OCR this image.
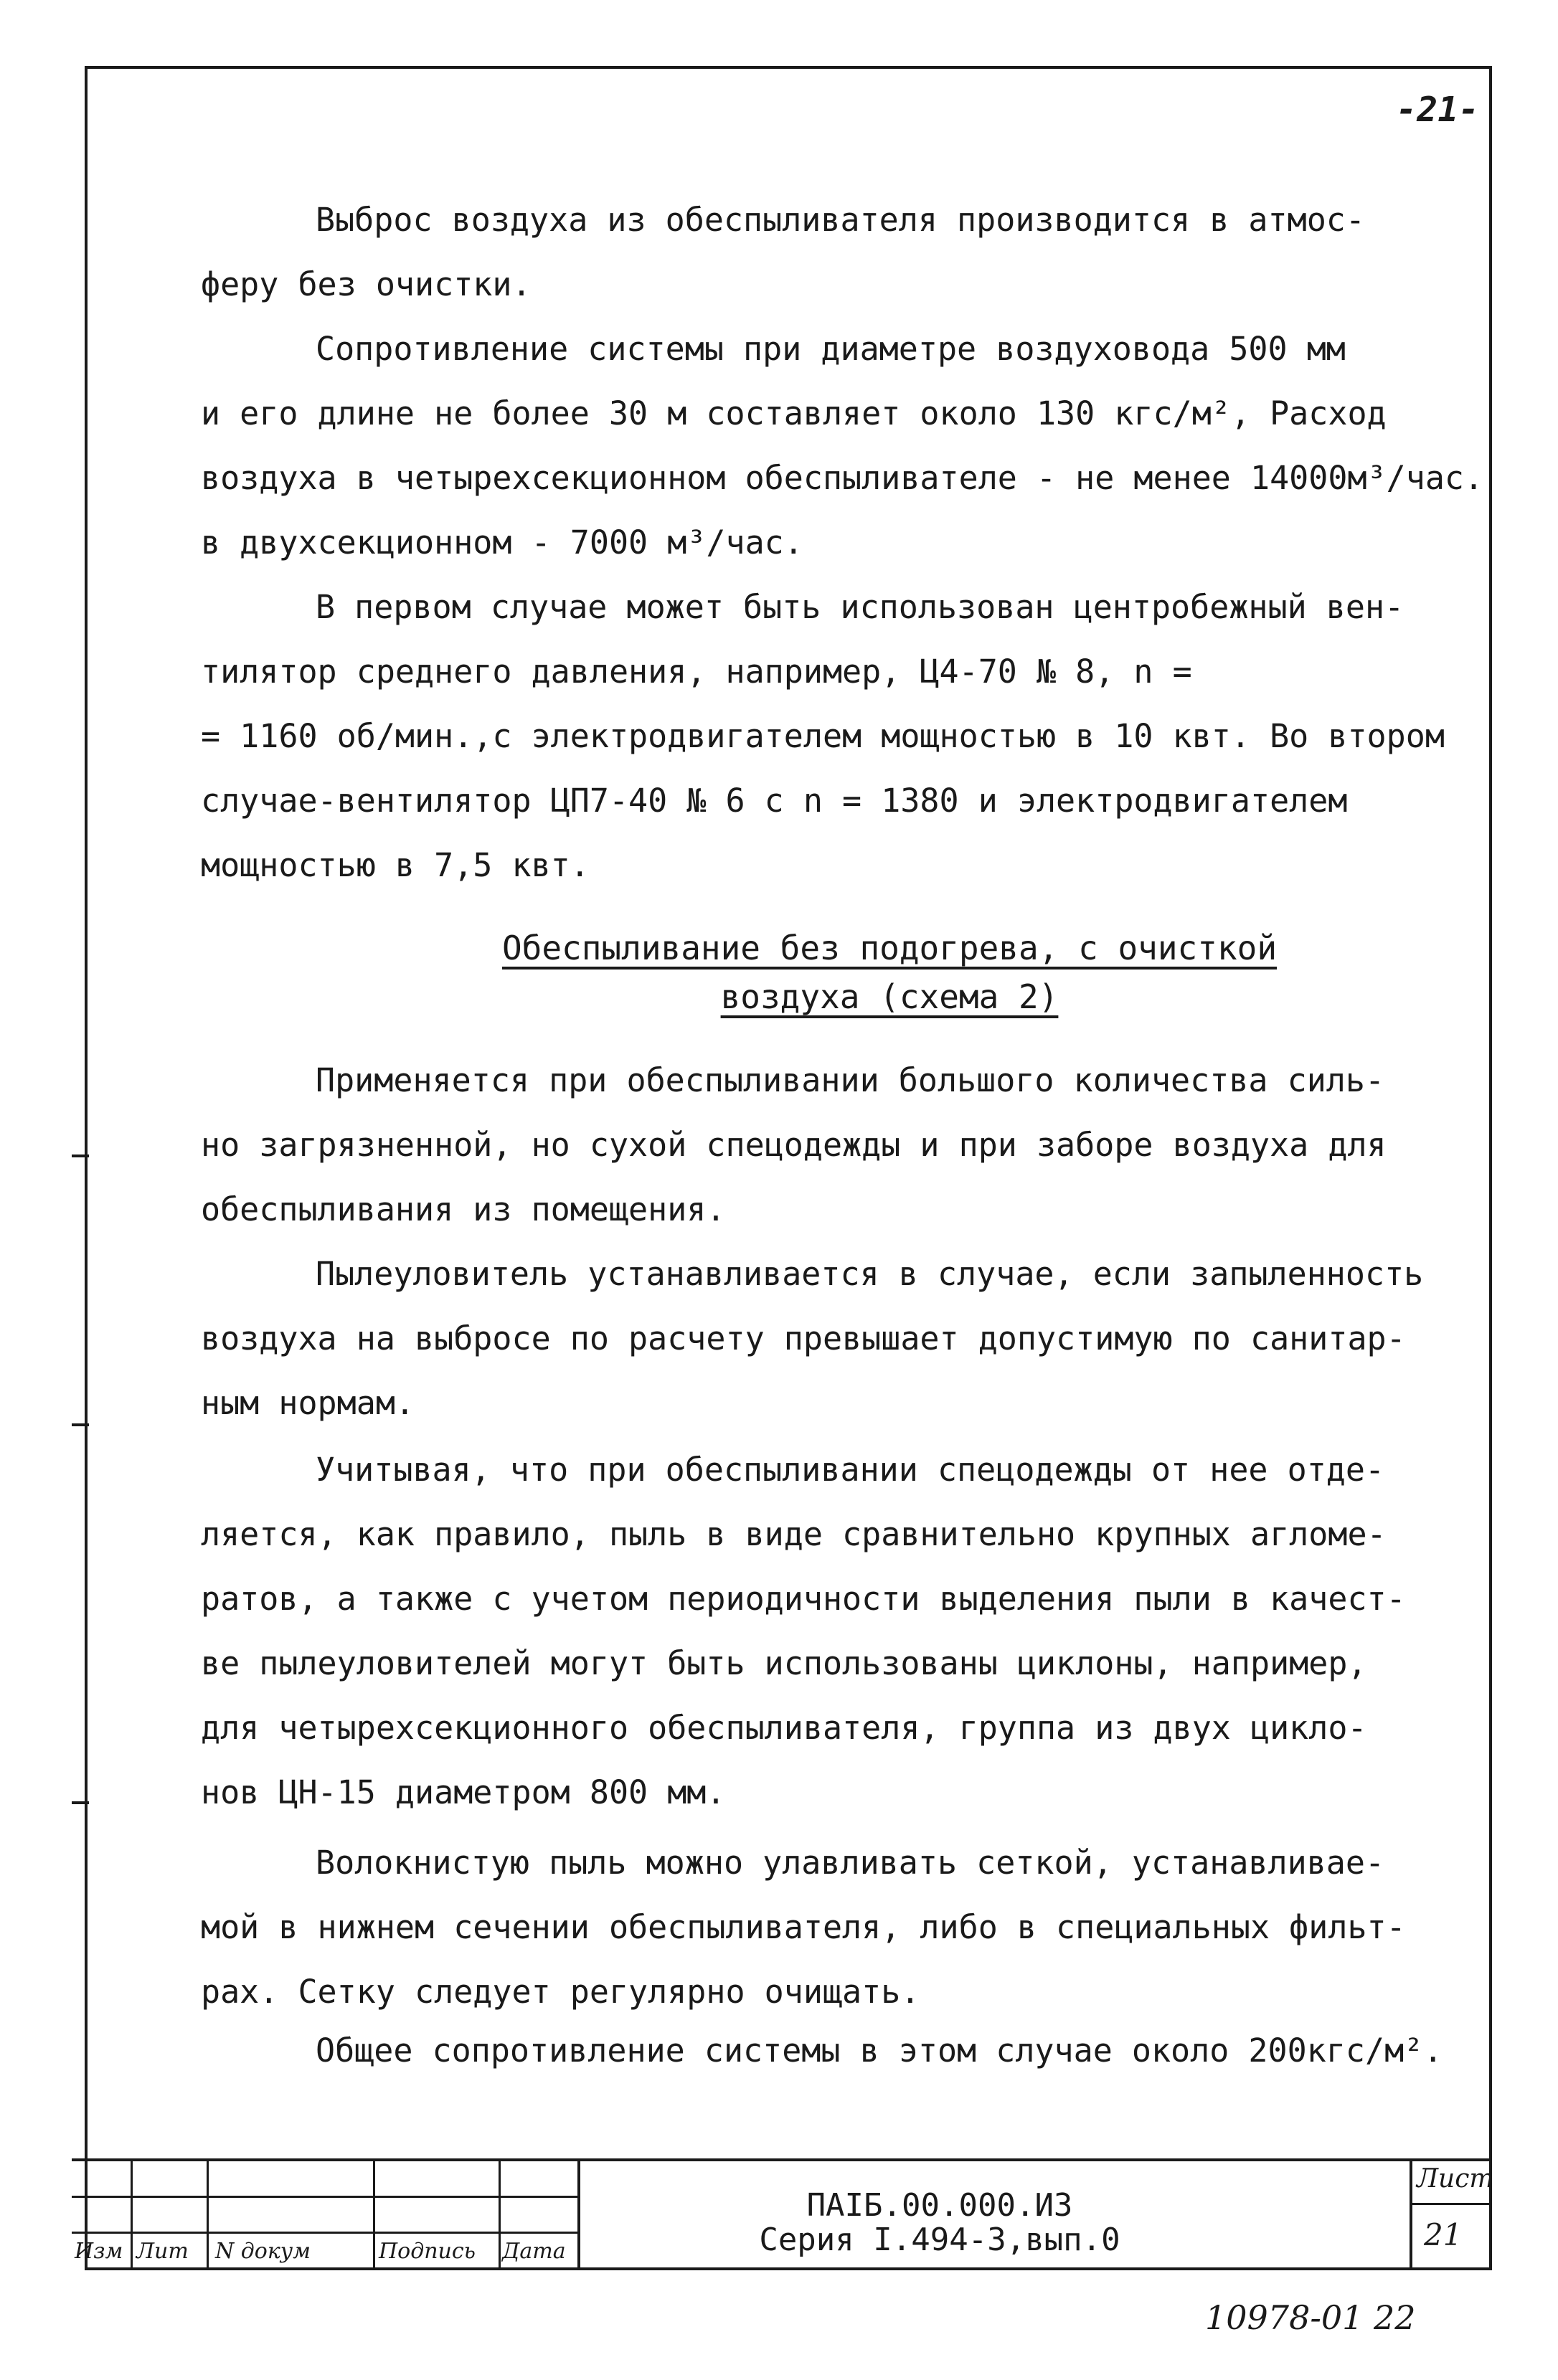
-21-
Выброс воздуха из обеспыливателя производится в атмос-
феру без очистки.
Сопротивление системы при диаметре воздуховода 500 мм
и его длине не более 30 м составляет около 130 кгс/м², Расход
воздуха в четырехсекционном обеспыливателе - не менее 14000м³/час.
в двухсекционном - 7000 м³/час.
В первом случае может быть использован центробежный вен-
тилятор среднего давления, например, Ц4-70 № 8, n =
= 1160 об/мин.,с электродвигателем мощностью в 10 квт. Во втором
случае-вентилятор ЦП7-40 № 6 с n = 1380 и электродвигателем
мощностью в 7,5 квт.
Обеспыливание без подогрева, с очисткой
воздуха (схема 2)
Применяется при обеспыливании большого количества силь-
но загрязненной, но сухой спецодежды и при заборе воздуха для
обеспыливания из помещения.
Пылеуловитель устанавливается в случае, если запыленность
воздуха на выбросе по расчету превышает допустимую по санитар-
ным нормам.
Учитывая, что при обеспыливании спецодежды от нее отде-
ляется, как правило, пыль в виде сравнительно крупных агломе-
ратов, а также с учетом периодичности выделения пыли в качест-
ве пылеуловителей могут быть использованы циклоны, например,
для четырехсекционного обеспыливателя, группа из двух цикло-
нов ЦН-15 диаметром 800 мм.
Волокнистую пыль можно улавливать сеткой, устанавливае-
мой в нижнем сечении обеспыливателя, либо в специальных фильт-
рах. Сетку следует регулярно очищать.
Общее сопротивление системы в этом случае около 200кгс/м².
Изм Лит N докум	Подпись Дата
ПАIБ.00.000.ИЗ
Серия I.494-3,вып.0
Лист
21
10978-01 22
